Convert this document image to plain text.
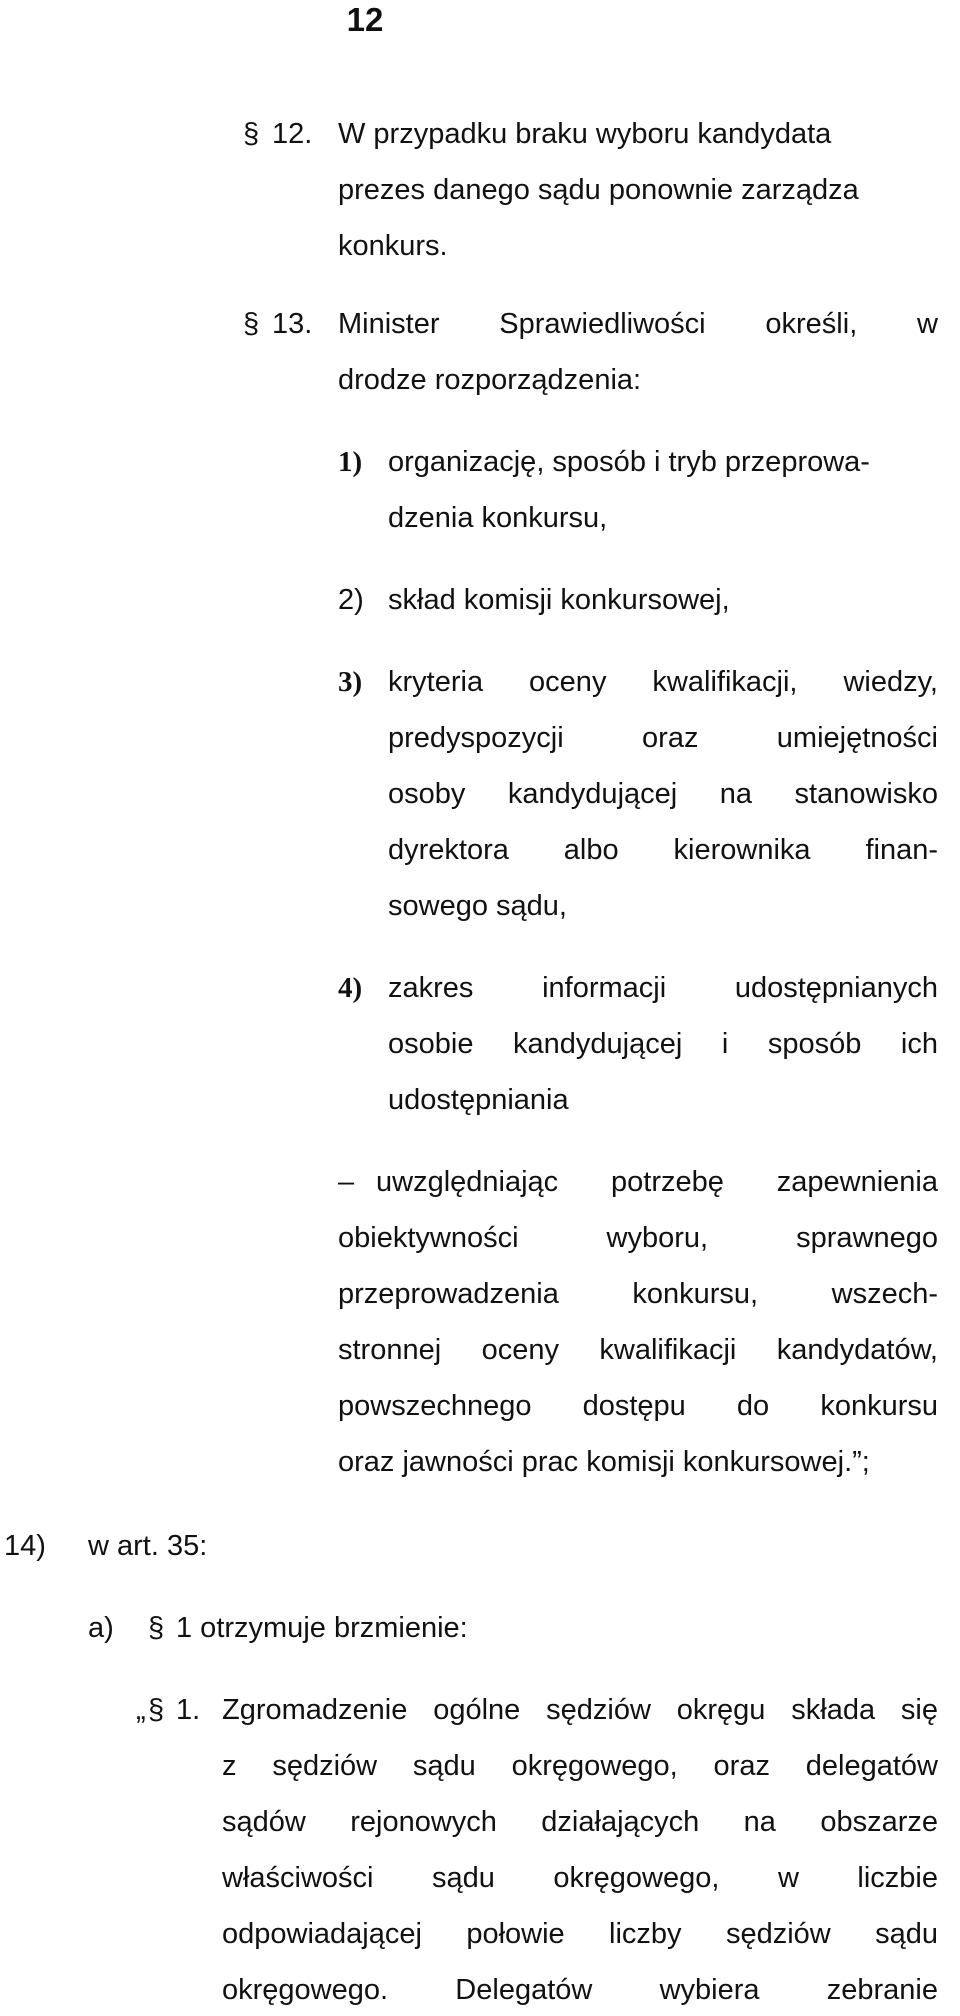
12
§ 12. W przypadku braku wyboru kandydata
prezes danego sądu ponownie zarządza
konkurs.
§ 13. Minister Sprawiedliwości określi, w
drodze rozporządzenia:
1) organizację, sposób i tryb przeprowa-
dzenia konkursu,
2) skład komisji konkursowej,
3) kryteria oceny kwalifikacji, wiedzy,
predyspozycji oraz umiejętności
osoby kandydującej na stanowisko
dyrektora albo kierownika finan-
sowego sądu,
4) zakres informacji udostępnianych
osobie kandydującej i sposób ich
udostępniania
– uwzględniając potrzebę zapewnienia
obiektywności wyboru, sprawnego
przeprowadzenia konkursu, wszech-
stronnej oceny kwalifikacji kandydatów,
powszechnego dostępu do konkursu
oraz jawności prac komisji konkursowej.”;
14) w art. 35:
a) § 1 otrzymuje brzmienie:
„ § 1. Zgromadzenie ogólne sędziów okręgu składa się
z sędziów sądu okręgowego, oraz delegatów
sądów rejonowych działających na obszarze
właściwości sądu okręgowego, w liczbie
odpowiadającej połowie liczby sędziów sądu
okręgowego. Delegatów wybiera zebranie
